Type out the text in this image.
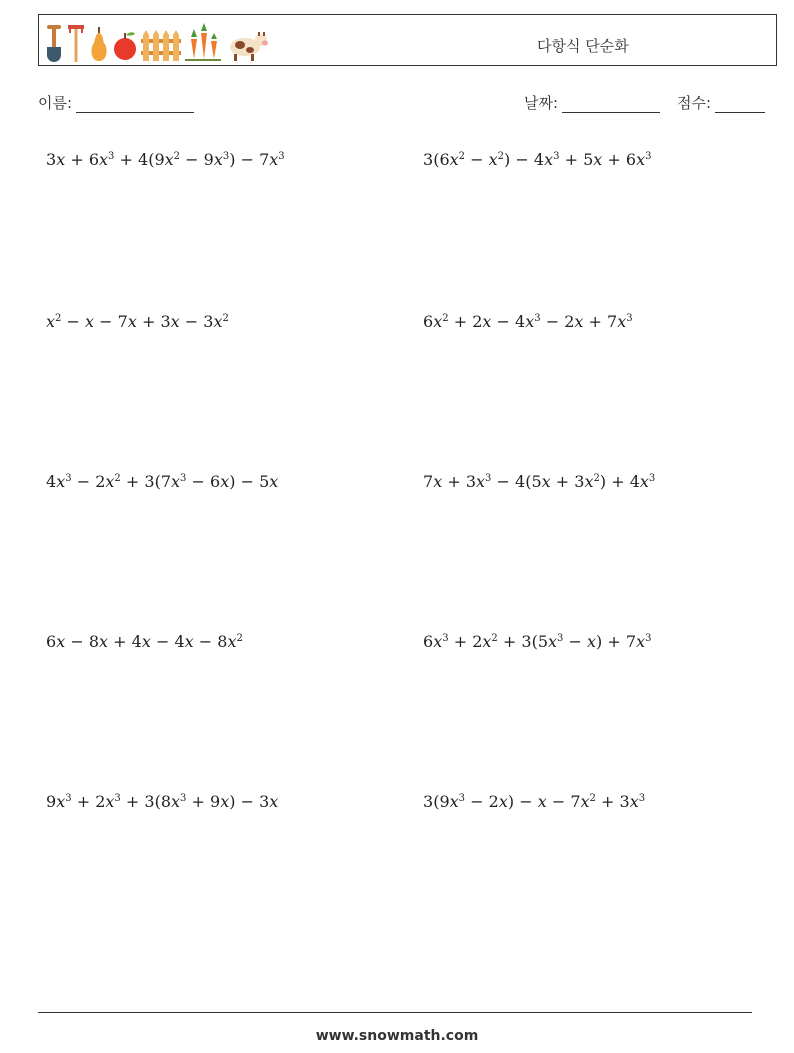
다항식 단순화
이름:	날짜:	점수:
$3x + 6x^3 + 4(9x^2 - 9x^3) - 7x^3$	$3(6x^2 - x^2) - 4x^3 + 5x + 6x^3$
$x^2 - x - 7x + 3x - 3x^2$	$6x^2 + 2x - 4x^3 - 2x + 7x^3$
$4x^3 - 2x^2 + 3(7x^3 - 6x) - 5x$	$7x + 3x^3 - 4(5x + 3x^2) + 4x^3$
$6x - 8x + 4x - 4x - 8x^2$	$6x^3 + 2x^2 + 3(5x^3 - x) + 7x^3$
$9x^3 + 2x^3 + 3(8x^3 + 9x) - 3x$	$3(9x^3 - 2x) - x - 7x^2 + 3x^3$
www.snowmath.com
